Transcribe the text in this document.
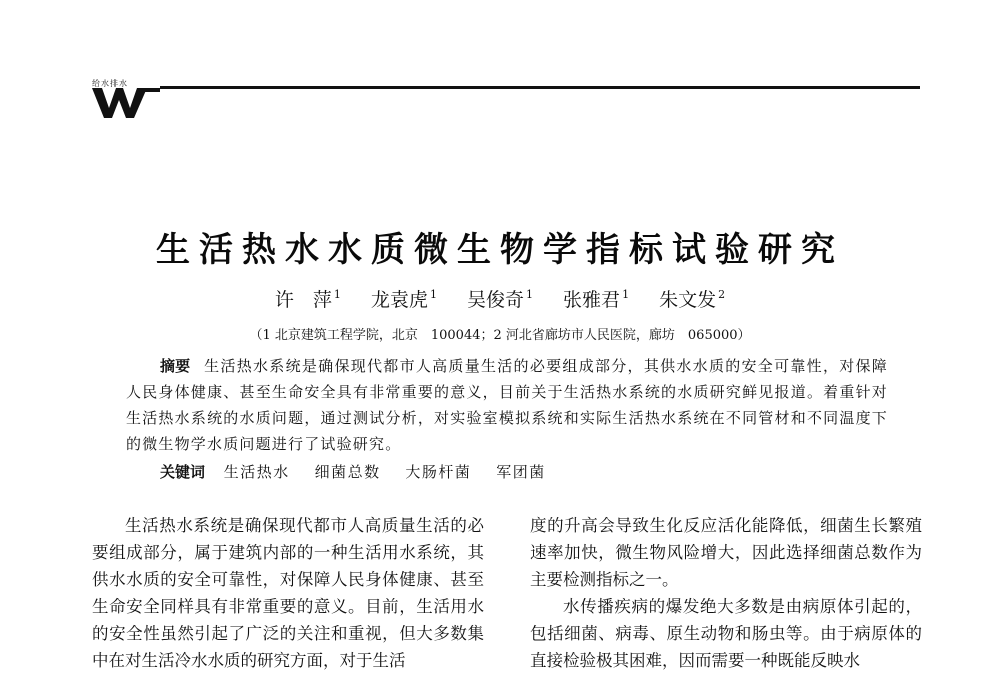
给水排水
生活热水水质微生物学指标试验研究
许　萍 $^1$ 龙袁虎 $^1$ 吴俊奇 $^1$ 张雅君 $^1$ 朱文发 $^2$
（1 北京建筑工程学院，北京　100044；2 河北省廊坊市人民医院，廊坊　065000）
摘要 生活热水系统是确保现代都市人高质量生活的必要组成部分，其供水水质的安全可靠性，对保障人民身体健康、甚至生命安全具有非常重要的意义，目前关于生活热水系统的水质研究鲜见报道。着重针对生活热水系统的水质问题，通过测试分析，对实验室模拟系统和实际生活热水系统在不同管材和不同温度下的微生物学水质问题进行了试验研究。
关键词 生活热水 细菌总数 大肠杆菌 军团菌

生活热水系统是确保现代都市人高质量生活的必要组成部分，属于建筑内部的一种生活用水系统，其供水水质的安全可靠性，对保障人民身体健康、甚至生命安全同样具有非常重要的意义。目前，生活用水的安全性虽然引起了广泛的关注和重视，但大多数集中在对生活冷水水质的研究方面，对于生活

度的升高会导致生化反应活化能降低，细菌生长繁殖速率加快，微生物风险增大，因此选择细菌总数作为主要检测指标之一。

水传播疾病的爆发绝大多数是由病原体引起的，包括细菌、病毒、原生动物和肠虫等。由于病原体的直接检验极其困难，因而需要一种既能反映水
